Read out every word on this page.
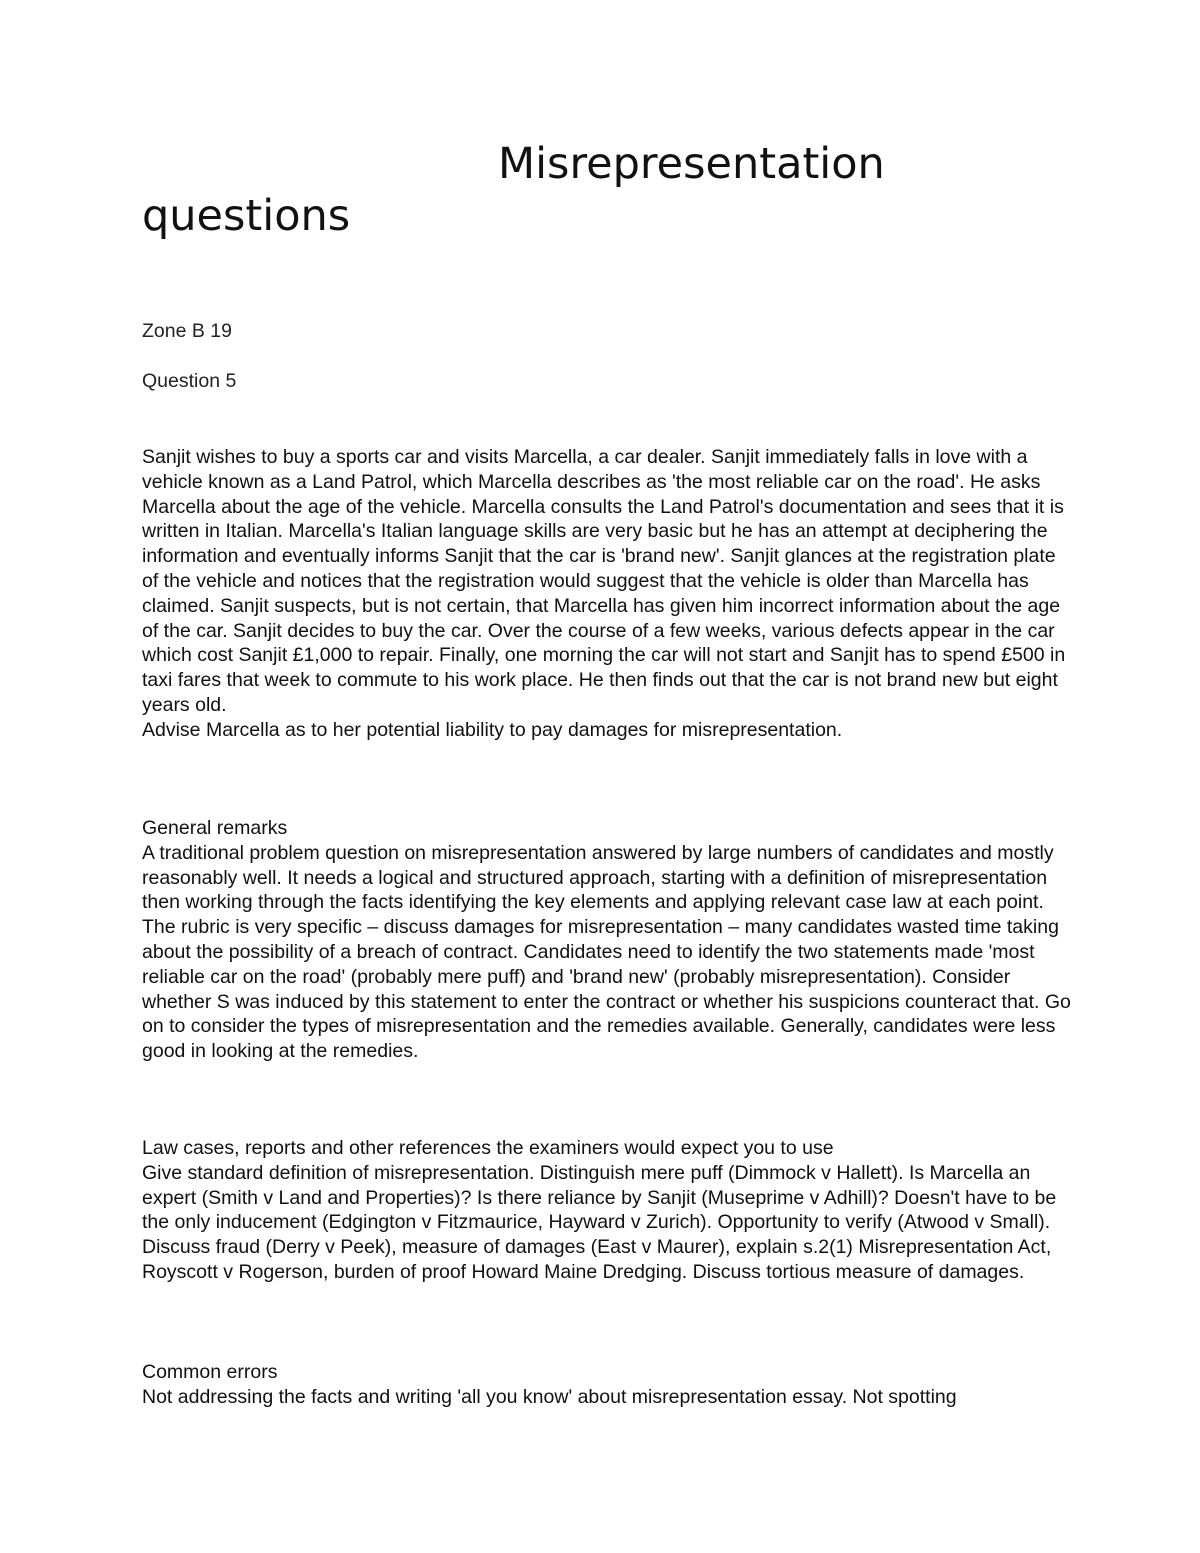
Misrepresentation
questions

Zone B 19

Question 5

Sanjit wishes to buy a sports car and visits Marcella, a car dealer. Sanjit immediately falls in love with a vehicle known as a Land Patrol, which Marcella describes as 'the most reliable car on the road'. He asks Marcella about the age of the vehicle. Marcella consults the Land Patrol's documentation and sees that it is written in Italian. Marcella's Italian language skills are very basic but he has an attempt at deciphering the information and eventually informs Sanjit that the car is 'brand new'. Sanjit glances at the registration plate of the vehicle and notices that the registration would suggest that the vehicle is older than Marcella has claimed. Sanjit suspects, but is not certain, that Marcella has given him incorrect information about the age of the car. Sanjit decides to buy the car. Over the course of a few weeks, various defects appear in the car which cost Sanjit £1,000 to repair. Finally, one morning the car will not start and Sanjit has to spend £500 in taxi fares that week to commute to his work place. He then finds out that the car is not brand new but eight years old.

Advise Marcella as to her potential liability to pay damages for misrepresentation.

General remarks

A traditional problem question on misrepresentation answered by large numbers of candidates and mostly reasonably well. It needs a logical and structured approach, starting with a definition of misrepresentation then working through the facts identifying the key elements and applying relevant case law at each point. The rubric is very specific – discuss damages for misrepresentation – many candidates wasted time taking about the possibility of a breach of contract. Candidates need to identify the two statements made 'most reliable car on the road' (probably mere puff) and 'brand new' (probably misrepresentation). Consider whether S was induced by this statement to enter the contract or whether his suspicions counteract that. Go on to consider the types of misrepresentation and the remedies available. Generally, candidates were less good in looking at the remedies.

Law cases, reports and other references the examiners would expect you to use

Give standard definition of misrepresentation. Distinguish mere puff (Dimmock v Hallett). Is Marcella an expert (Smith v Land and Properties)? Is there reliance by Sanjit (Museprime v Adhill)? Doesn't have to be the only inducement (Edgington v Fitzmaurice, Hayward v Zurich). Opportunity to verify (Atwood v Small). Discuss fraud (Derry v Peek), measure of damages (East v Maurer), explain s.2(1) Misrepresentation Act, Royscott v Rogerson, burden of proof Howard Maine Dredging. Discuss tortious measure of damages.

Common errors

Not addressing the facts and writing 'all you know' about misrepresentation essay. Not spotting
